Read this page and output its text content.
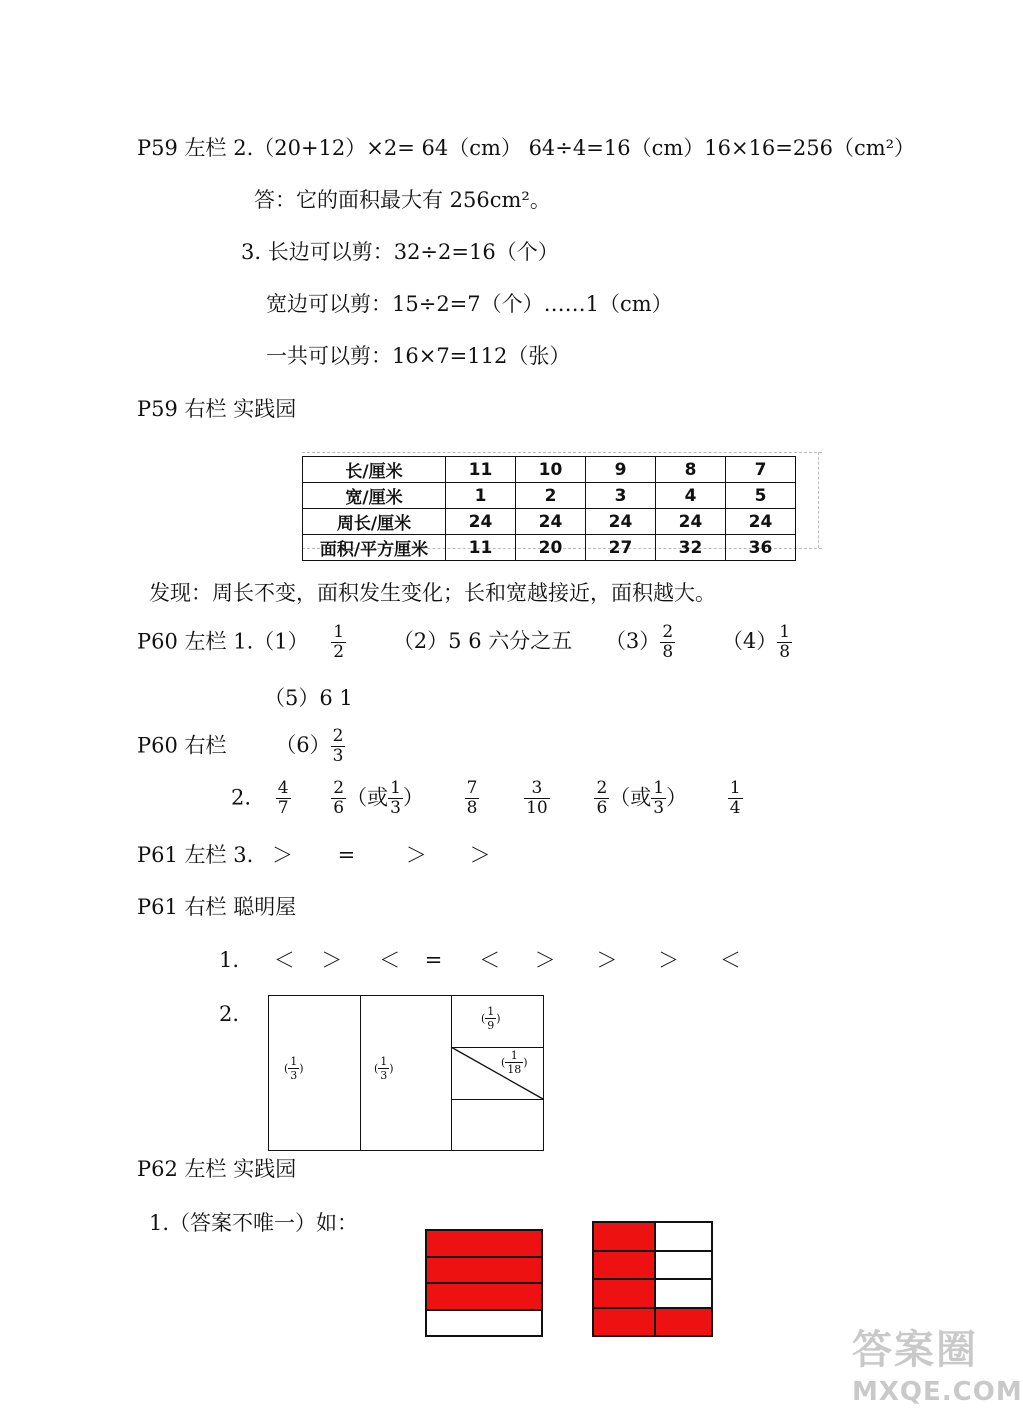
P59 左栏 2.（20+12）×2= 64（cm） 64÷4=16（cm）16×16=256（cm²）
答：它的面积最大有 256cm²。
3. 长边可以剪：32÷2=16（个）
宽边可以剪：15÷2=7（个）……1（cm）
一共可以剪：16×7=112（张）
P59 右栏 实践园
长/厘米	11	10	9	8	7
宽/厘米	1	2	3	4	5
周长/厘米	24	24	24	24	24
面积/平方厘米	11	20	27	32	36
发现：周长不变，面积发生变化；长和宽越接近，面积越大。
P60 左栏 $1.(1) \frac{1}{2} (2)5$ 6 六分之五 $(3) \frac{2}{8} (4) \frac{1}{8}$
（5）6 1
P60 右栏 $(6) \frac{2}{3}$
2. $\frac{4}{7}$
$\frac{2}{6}$ （或 $\frac{1}{3}$ ） $\frac{7}{8}$
	$\frac{3}{10}$
	$\frac{2}{6}$ （或 $\frac{1}{3}$ ） $\frac{1}{4}$
P61 左栏 3. ＞ = ＞ ＞
P61 右栏 聪明屋
1. ＜ ＞ ＜ = ＜ ＞ ＞ ＞ ＜
2.
( $\frac{1}{3}$ )	( $\frac{1}{3}$ )
( $\frac{1}{9}$ )
( $\frac{1}{18}$ )
P62 左栏 实践园
1.（答案不唯一）如：
答案圈
MXQE.COM
